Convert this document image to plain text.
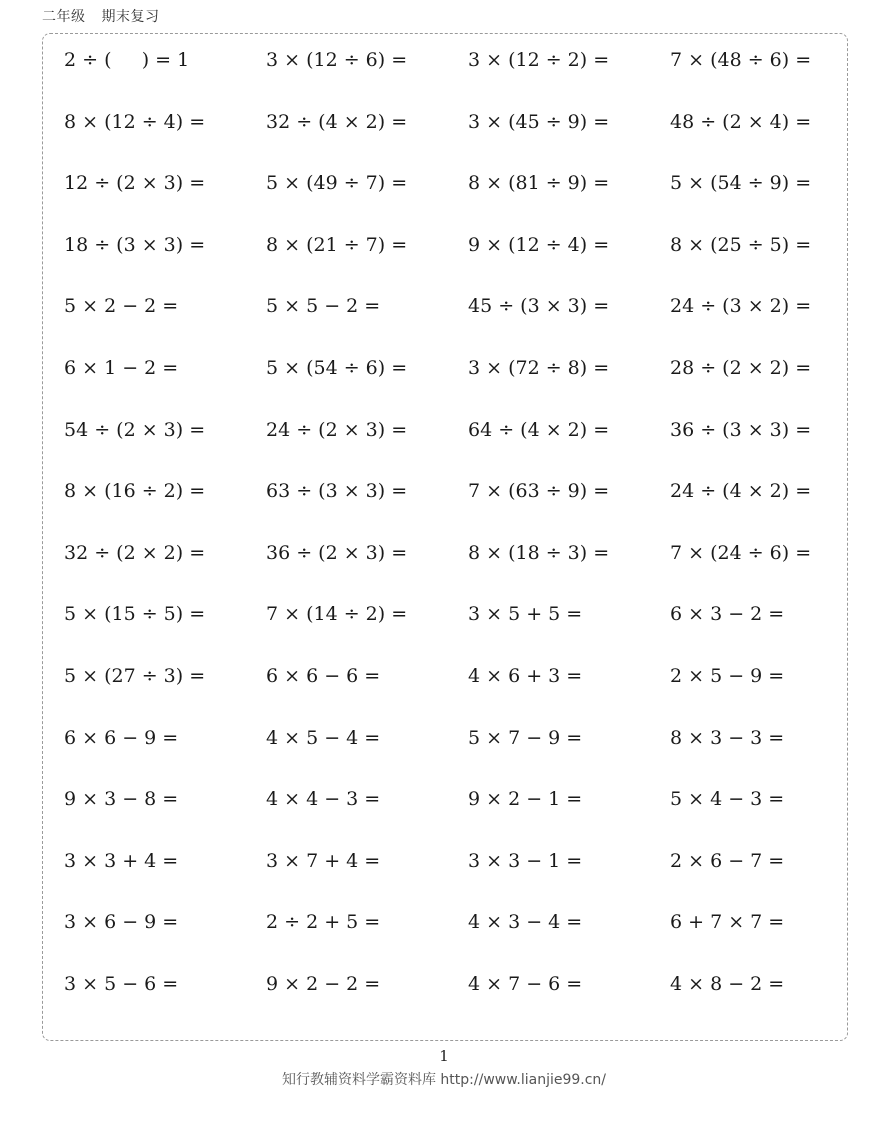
二年级 期末复习
2 ÷ (     ) = 1	3 × (12 ÷ 6) =	3 × (12 ÷ 2) =	7 × (48 ÷ 6) =
8 × (12 ÷ 4) =	32 ÷ (4 × 2) =	3 × (45 ÷ 9) =	48 ÷ (2 × 4) =
12 ÷ (2 × 3) =	5 × (49 ÷ 7) =	8 × (81 ÷ 9) =	5 × (54 ÷ 9) =
18 ÷ (3 × 3) =	8 × (21 ÷ 7) =	9 × (12 ÷ 4) =	8 × (25 ÷ 5) =
5 × 2 − 2 =	5 × 5 − 2 =	45 ÷ (3 × 3) =	24 ÷ (3 × 2) =
6 × 1 − 2 =	5 × (54 ÷ 6) =	3 × (72 ÷ 8) =	28 ÷ (2 × 2) =
54 ÷ (2 × 3) =	24 ÷ (2 × 3) =	64 ÷ (4 × 2) =	36 ÷ (3 × 3) =
8 × (16 ÷ 2) =	63 ÷ (3 × 3) =	7 × (63 ÷ 9) =	24 ÷ (4 × 2) =
32 ÷ (2 × 2) =	36 ÷ (2 × 3) =	8 × (18 ÷ 3) =	7 × (24 ÷ 6) =
5 × (15 ÷ 5) =	7 × (14 ÷ 2) =	3 × 5 + 5 =	6 × 3 − 2 =
5 × (27 ÷ 3) =	6 × 6 − 6 =	4 × 6 + 3 =	2 × 5 − 9 =
6 × 6 − 9 =	4 × 5 − 4 =	5 × 7 − 9 =	8 × 3 − 3 =
9 × 3 − 8 =	4 × 4 − 3 =	9 × 2 − 1 =	5 × 4 − 3 =
3 × 3 + 4 =	3 × 7 + 4 =	3 × 3 − 1 =	2 × 6 − 7 =
3 × 6 − 9 =	2 ÷ 2 + 5 =	4 × 3 − 4 =	6 + 7 × 7 =
3 × 5 − 6 =	9 × 2 − 2 =	4 × 7 − 6 =	4 × 8 − 2 =
1
知行教辅资料学霸资料库 http://www.lianjie99.cn/
